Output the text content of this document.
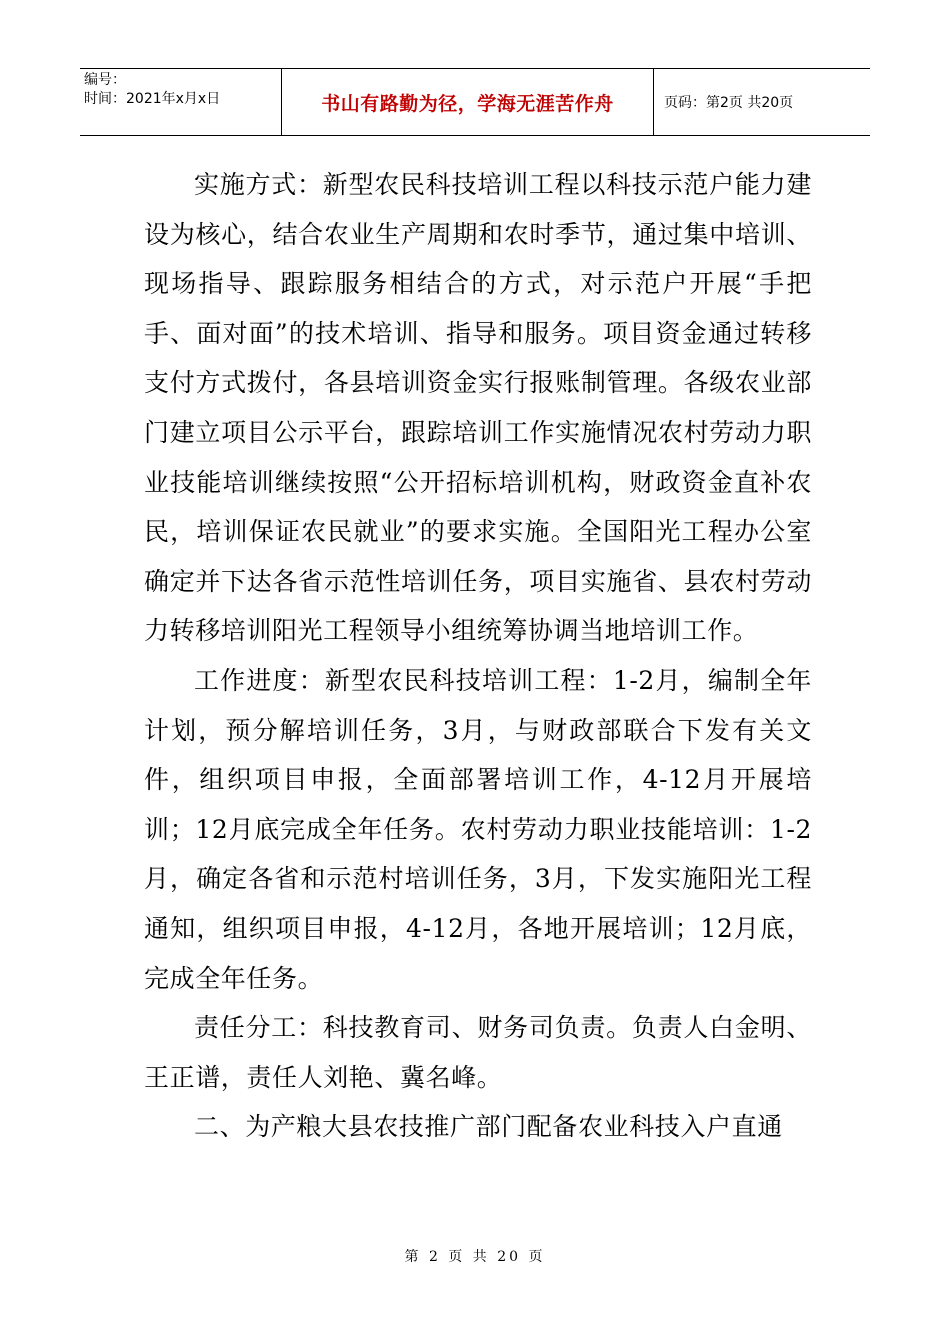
编号：
时间：2021年x月x日	书山有路勤为径，学海无涯苦作舟	页码：第2页 共20页

实施方式：新型农民科技培训工程以科技示范户能力建设为核心，结合农业生产周期和农时季节，通过集中培训、现场指导、跟踪服务相结合的方式，对示范户开展“手把手、面对面”的技术培训、指导和服务。项目资金通过转移支付方式拨付，各县培训资金实行报账制管理。各级农业部门建立项目公示平台，跟踪培训工作实施情况农村劳动力职业技能培训继续按照“公开招标培训机构，财政资金直补农民，培训保证农民就业”的要求实施。全国阳光工程办公室确定并下达各省示范性培训任务，项目实施省、县农村劳动力转移培训阳光工程领导小组统筹协调当地培训工作。

工作进度：新型农民科技培训工程：1-2月，编制全年计划，预分解培训任务，3月，与财政部联合下发有关文件，组织项目申报，全面部署培训工作，4-12月开展培训；12月底完成全年任务。农村劳动力职业技能培训：1-2月，确定各省和示范村培训任务，3月，下发实施阳光工程通知，组织项目申报，4-12月，各地开展培训；12月底，完成全年任务。

责任分工：科技教育司、财务司负责。负责人白金明、王正谱，责任人刘艳、冀名峰。

二、为产粮大县农技推广部门配备农业科技入户直通

第 2 页 共 20 页
